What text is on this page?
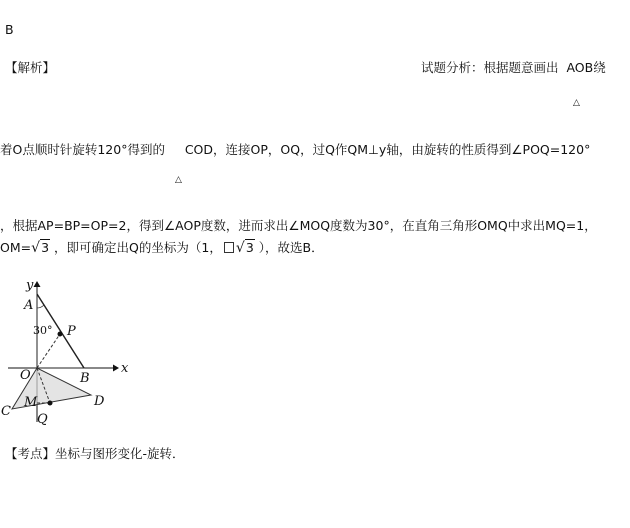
B
【解析】	试题分析：根据题意画出 AOB绕
△
着O点顺时针旋转120°得到的 COD，连接OP，OQ，过Q作QM⊥y轴，由旋转的性质得到∠POQ=120°
△
，根据AP=BP=OP=2，得到∠AOP度数，进而求出∠MOQ度数为30°，在直角三角形OMQ中求出MQ=1，
OM= √ 3 ，即可确定出Q的坐标为（1， √ 3 ），故选B．
y
x
A
30° P
O	B
M
C
D
Q
【考点】坐标与图形变化-旋转．
